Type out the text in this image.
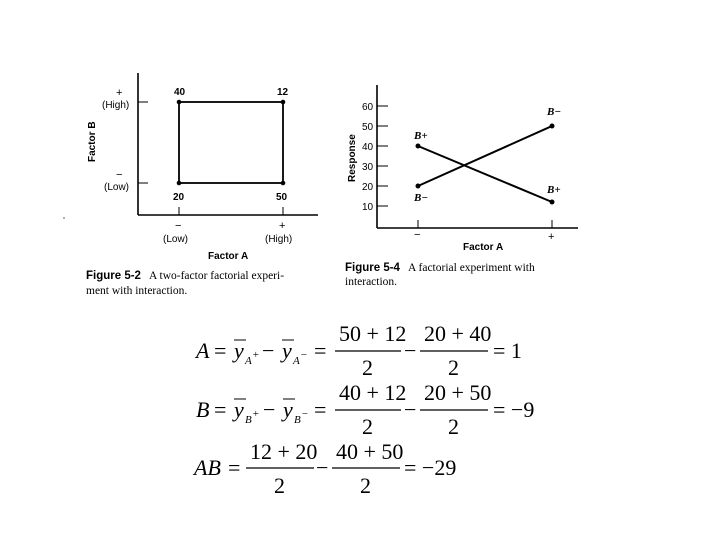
40	12
20	50
+
(High)
−
(Low)
Factor B
−
(Low)
+
(High)
Factor A
Figure 5-2 A two-factor factorial experi-
ment with interaction.
−	+
Factor A
Response
10
20
30
40
50
60
B+
B−
B−
B+
Figure 5-4 A factorial experiment with
interaction.
A = y A + − y A − =
50 + 12
2
−
20 + 40
2
= 1
B = y B + − y B − =
40 + 12
2
−
20 + 50
2
= −9
AB =
12 + 20
2
−
40 + 50
2
= −29
